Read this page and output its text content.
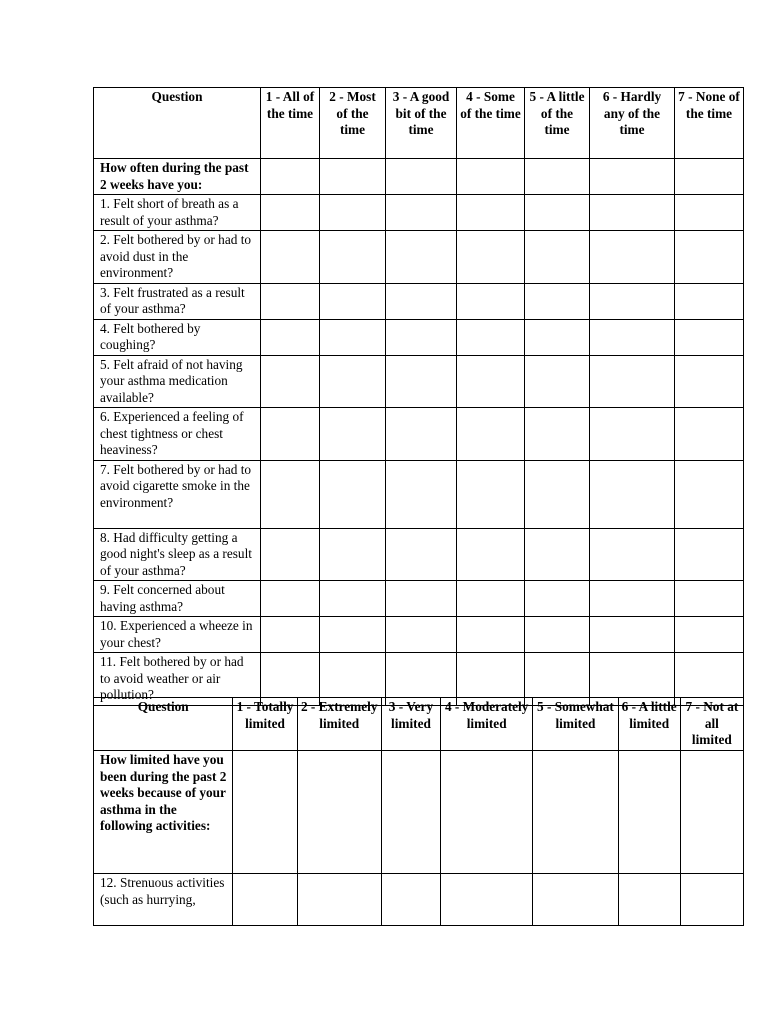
Question	1 - All of the time	2 - Most of the time	3 - A good bit of the time	4 - Some of the time	5 - A little of the time	6 - Hardly any of the time	7 - None of the time
How often during the past 2 weeks have you:							
1. Felt short of breath as a result of your asthma?							
2. Felt bothered by or had to avoid dust in the environment?							
3. Felt frustrated as a result of your asthma?							
4. Felt bothered by coughing?							
5. Felt afraid of not having your asthma medication available?							
6. Experienced a feeling of chest tightness or chest heaviness?							
7. Felt bothered by or had to avoid cigarette smoke in the environment?							
8. Had difficulty getting a good night's sleep as a result of your asthma?							
9. Felt concerned about having asthma?							
10. Experienced a wheeze in your chest?							
11. Felt bothered by or had to avoid weather or air pollution?							
Question	1 - Totally limited	2 - Extremely limited	3 - Very limited	4 - Moderately limited	5 - Somewhat limited	6 - A little limited	7 - Not at all limited
How limited have you been during the past 2 weeks because of your asthma in the following activities:							
12. Strenuous activities (such as hurrying,							
